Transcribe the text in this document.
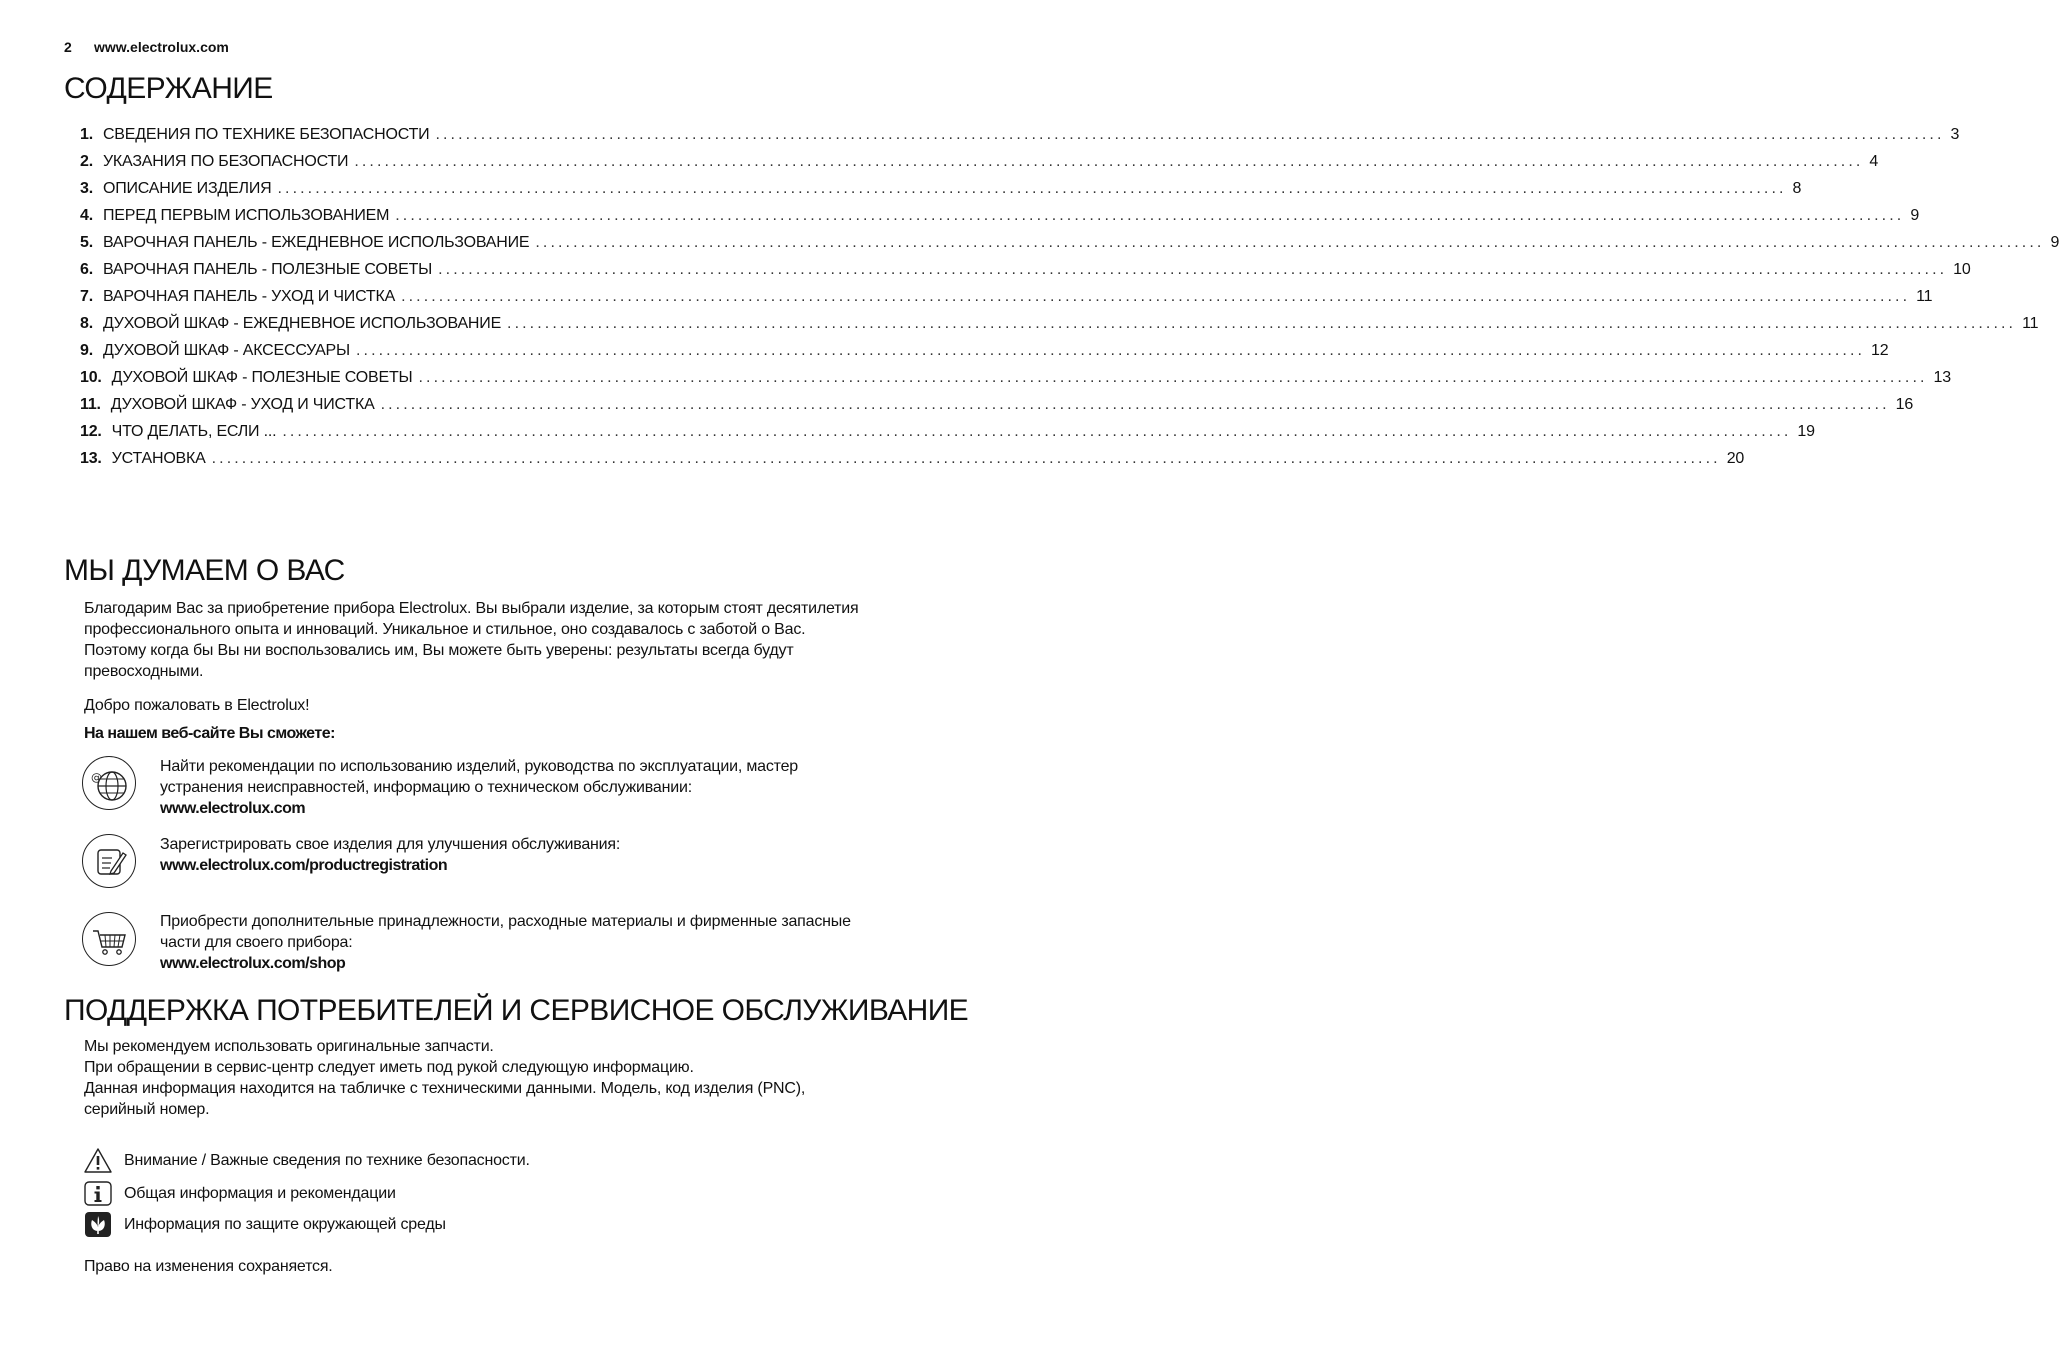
2 www.electrolux.com
СОДЕРЖАНИЕ
1. СВЕДЕНИЯ ПО ТЕХНИКЕ БЕЗОПАСНОСТИ ........................................................................................................................................................................................................ 3
2. УКАЗАНИЯ ПО БЕЗОПАСНОСТИ ........................................................................................................................................................................................................ 4
3. ОПИСАНИЕ ИЗДЕЛИЯ ........................................................................................................................................................................................................ 8
4. ПЕРЕД ПЕРВЫМ ИСПОЛЬЗОВАНИЕМ ........................................................................................................................................................................................................ 9
5. ВАРОЧНАЯ ПАНЕЛЬ - ЕЖЕДНЕВНОЕ ИСПОЛЬЗОВАНИЕ ........................................................................................................................................................................................................ 9
6. ВАРОЧНАЯ ПАНЕЛЬ - ПОЛЕЗНЫЕ СОВЕТЫ ........................................................................................................................................................................................................ 10
7. ВАРОЧНАЯ ПАНЕЛЬ - УХОД И ЧИСТКА ........................................................................................................................................................................................................ 11
8. ДУХОВОЙ ШКАФ - ЕЖЕДНЕВНОЕ ИСПОЛЬЗОВАНИЕ ........................................................................................................................................................................................................ 11
9. ДУХОВОЙ ШКАФ - АКСЕССУАРЫ ........................................................................................................................................................................................................ 12
10. ДУХОВОЙ ШКАФ - ПОЛЕЗНЫЕ СОВЕТЫ ........................................................................................................................................................................................................ 13
11. ДУХОВОЙ ШКАФ - УХОД И ЧИСТКА ........................................................................................................................................................................................................ 16
12. ЧТО ДЕЛАТЬ, ЕСЛИ ... ........................................................................................................................................................................................................ 19
13. УСТАНОВКА ........................................................................................................................................................................................................ 20
МЫ ДУМАЕМ О ВАС
Благодарим Вас за приобретение прибора Electrolux. Вы выбрали изделие, за которым стоят десятилетия
профессионального опыта и инноваций. Уникальное и стильное, оно создавалось с заботой о Вас.
Поэтому когда бы Вы ни воспользовались им, Вы можете быть уверены: результаты всегда будут
превосходными.
Добро пожаловать в Electrolux!
На нашем веб-сайте Вы сможете:
@
Найти рекомендации по использованию изделий, руководства по эксплуатации, мастер
устранения неисправностей, информацию о техническом обслуживании:
www.electrolux.com
Зарегистрировать свое изделия для улучшения обслуживания:
www.electrolux.com/productregistration
Приобрести дополнительные принадлежности, расходные материалы и фирменные запасные
части для своего прибора:
www.electrolux.com/shop
ПОДДЕРЖКА ПОТРЕБИТЕЛЕЙ И СЕРВИСНОЕ ОБСЛУЖИВАНИЕ
Мы рекомендуем использовать оригинальные запчасти.
При обращении в сервис-центр следует иметь под рукой следующую информацию.
Данная информация находится на табличке с техническими данными. Модель, код изделия (PNC),
серийный номер.
Внимание / Важные сведения по технике безопасности.
Общая информация и рекомендации
Информация по защите окружающей среды
Право на изменения сохраняется.
